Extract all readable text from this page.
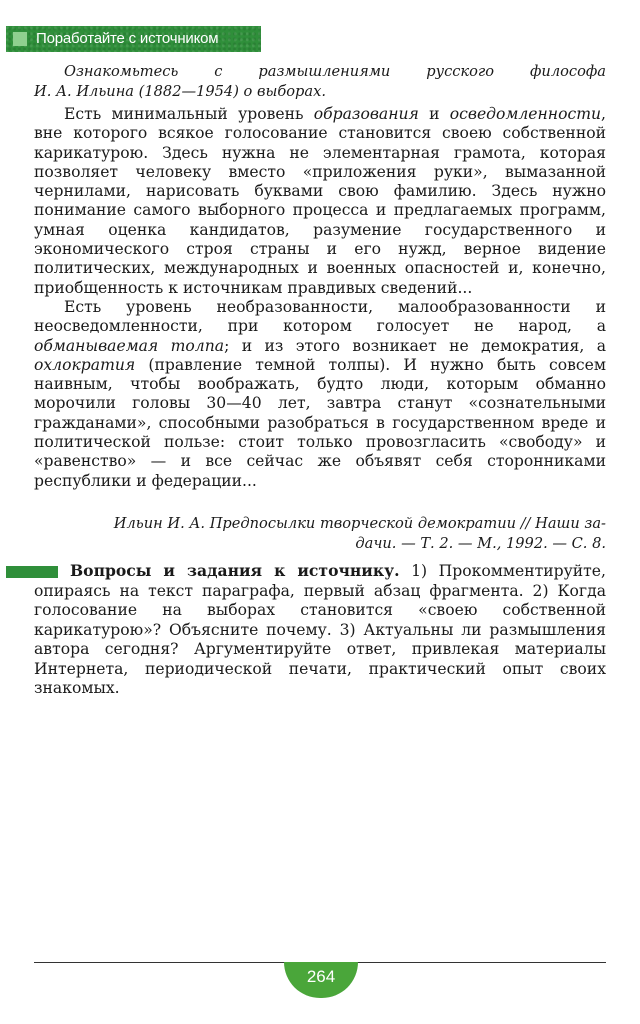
Поработайте с источником
Ознакомьтесь с размышлениями русского философа
И. А. Ильина (1882—1954) о выборах.

Есть минимальный уровень образования и осведомленности, вне которого всякое голосование становится своею собственной карикатурою. Здесь нужна не элементарная грамота, которая позволяет человеку вместо «приложения руки», вымазанной чернилами, нарисовать буквами свою фамилию. Здесь нужно понимание самого выборного процесса и предлагаемых программ, умная оценка кандидатов, разумение государственного и экономического строя страны и его нужд, верное видение политических, международных и военных опасностей и, конечно, приобщенность к источникам правдивых сведений...

Есть уровень необразованности, малообразованности и неосведомленности, при котором голосует не народ, а обманываемая толпа; и из этого возникает не демократия, а охлократия (правление темной толпы). И нужно быть совсем наивным, чтобы воображать, будто люди, которым обманно морочили головы 30—40 лет, завтра станут «сознательными гражданами», способными разобраться в государственном вреде и политической пользе: стоит только провозгласить «свободу» и «равенство» — и все сейчас же объявят себя сторонниками республики и федерации...

Ильин И. А. Предпосылки творческой демократии // Наши за-
дачи. — Т. 2. — М., 1992. — С. 8.

Вопросы и задания к источнику. 1) Прокомментируйте, опираясь на текст параграфа, первый абзац фрагмента. 2) Когда голосование на выборах становится «своею собственной карикатурою»? Объясните почему. 3) Актуальны ли размышления автора сегодня? Аргументируйте ответ, привлекая материалы Интернета, периодической печати, практический опыт своих знакомых.

264
